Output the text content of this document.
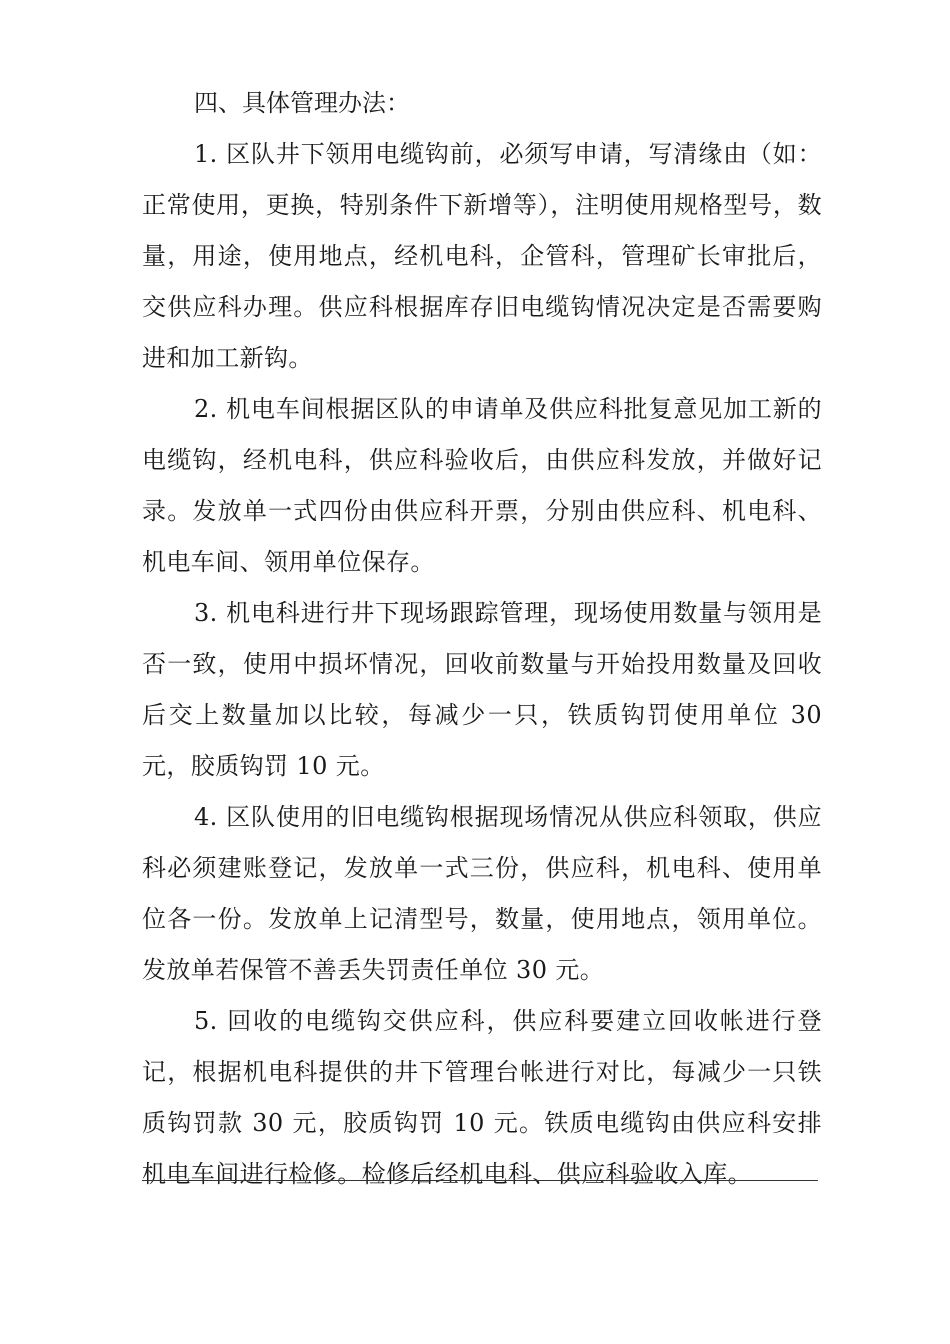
四、具体管理办法：

1. 区队井下领用电缆钩前，必须写申请，写清缘由（如：正常使用，更换，特别条件下新增等），注明使用规格型号，数量，用途，使用地点，经机电科，企管科，管理矿长审批后，交供应科办理。供应科根据库存旧电缆钩情况决定是否需要购进和加工新钩。

2. 机电车间根据区队的申请单及供应科批复意见加工新的电缆钩，经机电科，供应科验收后，由供应科发放，并做好记录。发放单一式四份由供应科开票，分别由供应科、机电科、机电车间、领用单位保存。

3. 机电科进行井下现场跟踪管理，现场使用数量与领用是否一致，使用中损坏情况，回收前数量与开始投用数量及回收后交上数量加以比较，每减少一只，铁质钩罚使用单位 30 元，胶质钩罚 10 元。

4. 区队使用的旧电缆钩根据现场情况从供应科领取，供应科必须建账登记，发放单一式三份，供应科，机电科、使用单位各一份。发放单上记清型号，数量，使用地点，领用单位。发放单若保管不善丢失罚责任单位 30 元。

5. 回收的电缆钩交供应科，供应科要建立回收帐进行登记，根据机电科提供的井下管理台帐进行对比，每减少一只铁质钩罚款 30 元，胶质钩罚 10 元。铁质电缆钩由供应科安排机电车间进行检修。检修后经机电科、供应科验收入库。
